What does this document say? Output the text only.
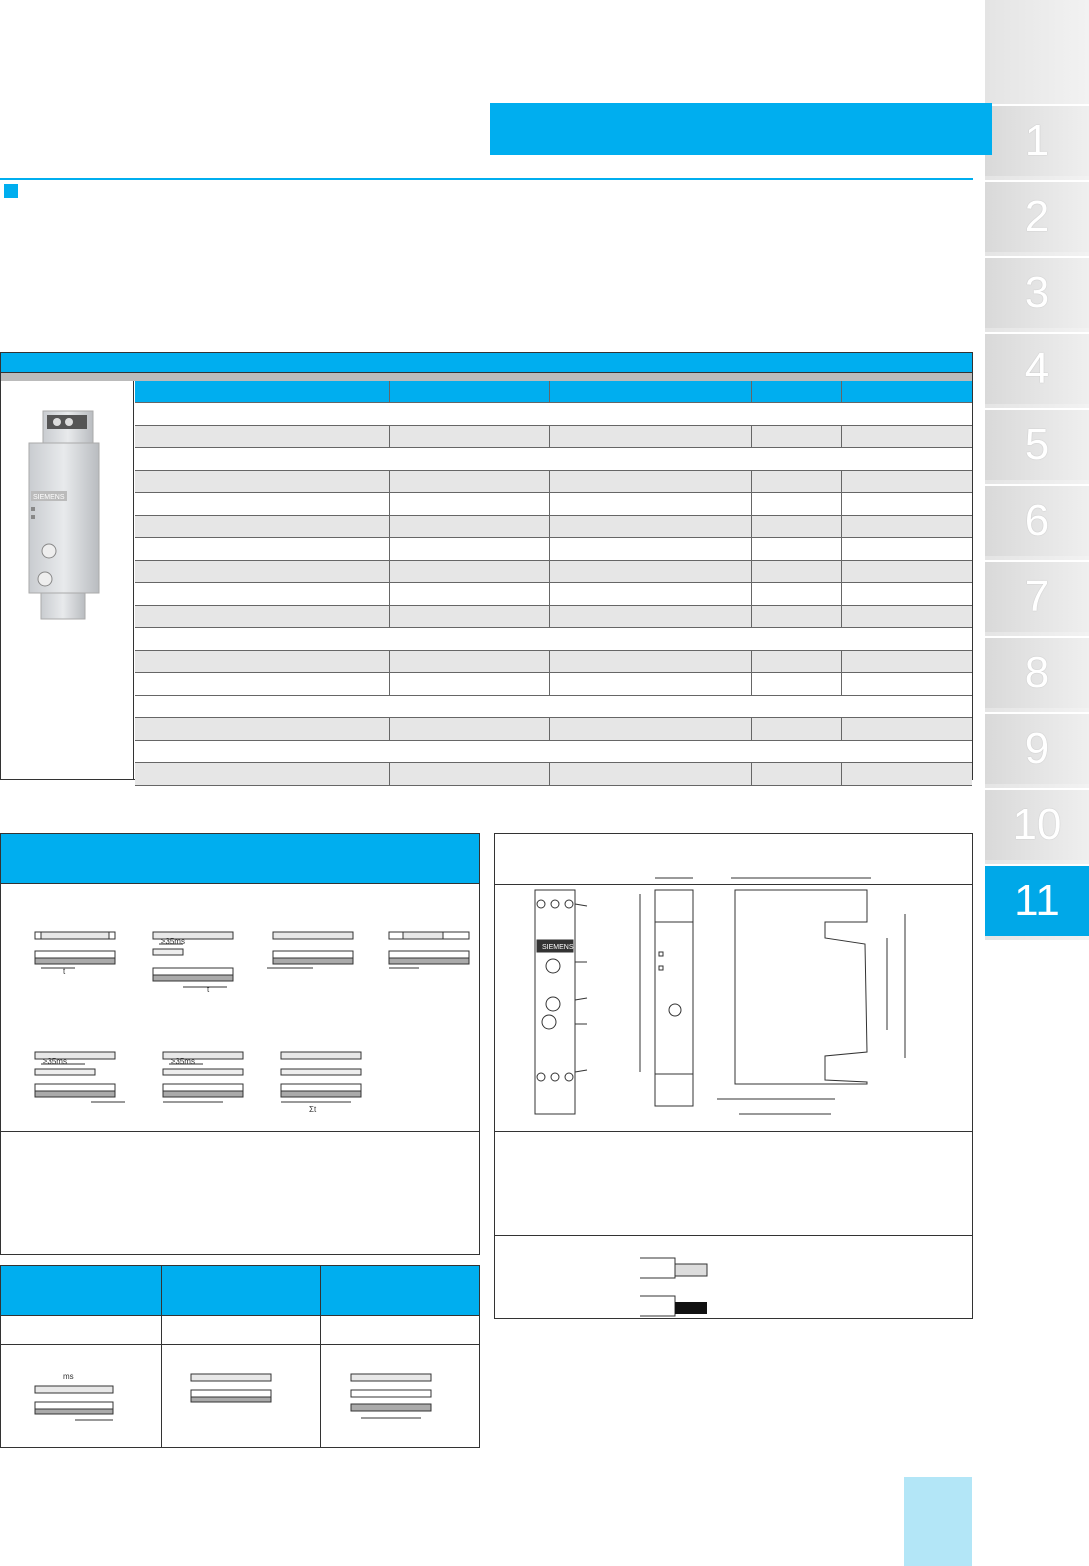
1
2
3
4
5
6
7
8
9
10
11
SIEMENS
t
≥35ms
t
≥35ms	≥35ms
Σt
ms
SIEMENS
